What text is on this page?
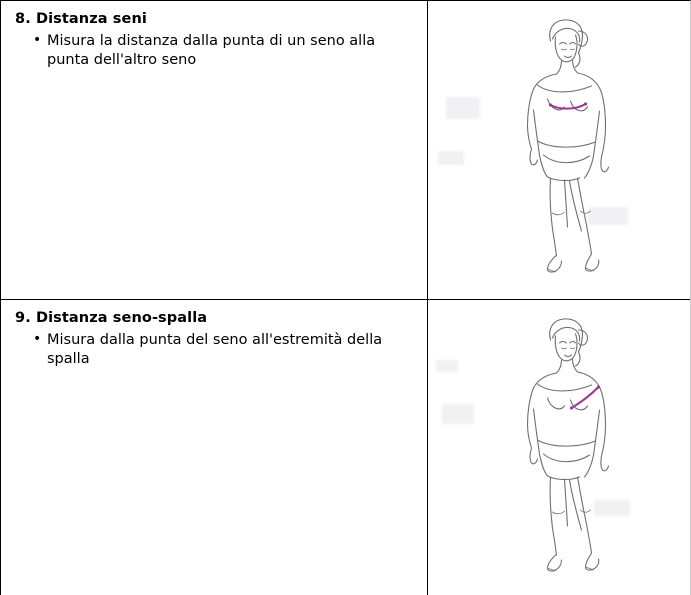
8. Distanza seni
• Misura la distanza dalla punta di un seno alla punta dell'altro seno
9. Distanza seno-spalla
• Misura dalla punta del seno all'estremità della spalla
